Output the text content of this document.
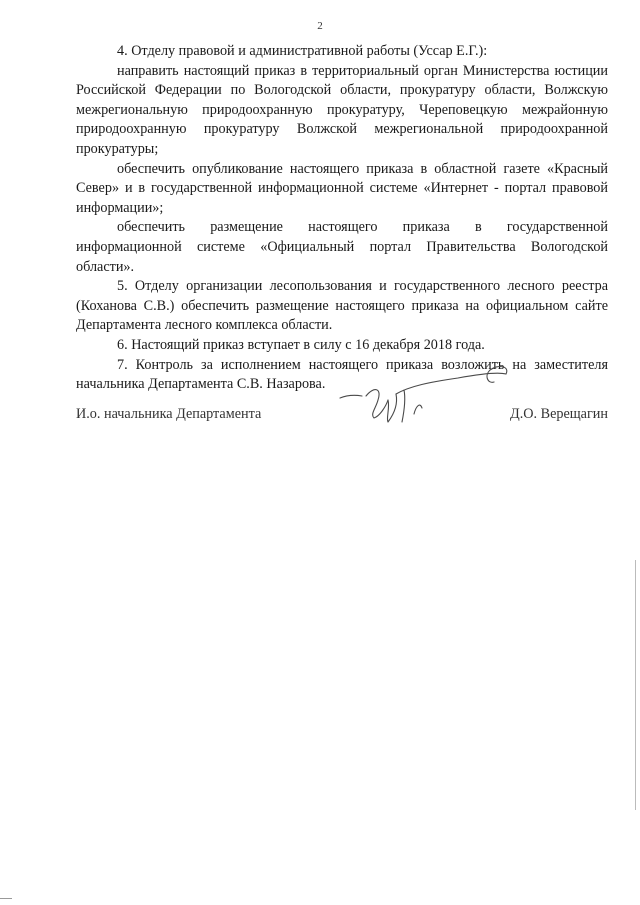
2

4. Отделу правовой и административной работы (Уссар Е.Г.):

направить настоящий приказ в территориальный орган Министерства юстиции Российской Федерации по Вологодской области, прокуратуру области, Волжскую межрегиональную природоохранную прокуратуру, Череповецкую межрайонную природоохранную прокуратуру Волжской межрегиональной природоохранной прокуратуры;

обеспечить опубликование настоящего приказа в областной газете «Красный Север» и в государственной информационной системе «Интернет - портал правовой информации»;

обеспечить размещение настоящего приказа в государственной информационной системе «Официальный портал Правительства Вологодской области».

5. Отделу организации лесопользования и государственного лесного реестра (Коханова С.В.) обеспечить размещение настоящего приказа на официальном сайте Департамента лесного комплекса области.

6. Настоящий приказ вступает в силу с 16 декабря 2018 года.

7. Контроль за исполнением настоящего приказа возложить на заместителя начальника Департамента С.В. Назарова.

И.о. начальника Департамента	Д.О. Верещагин
